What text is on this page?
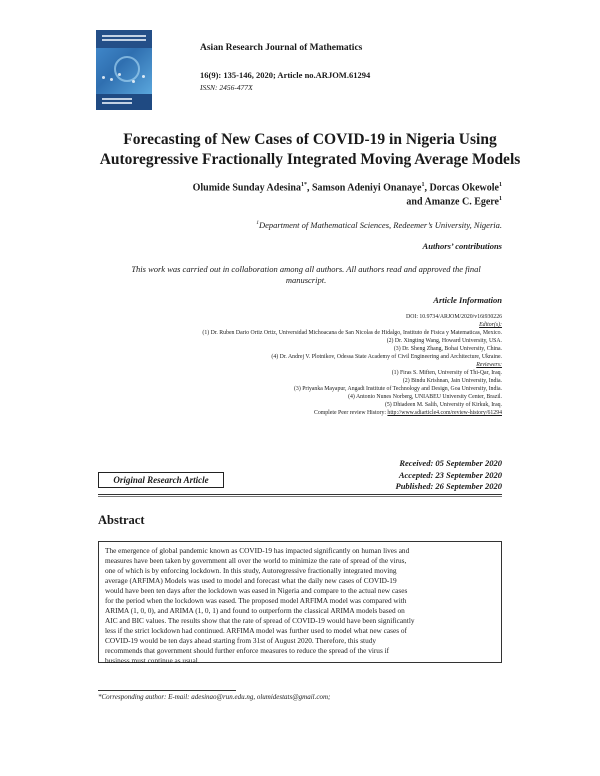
Asian Research Journal of Mathematics
16(9): 135-146, 2020; Article no.ARJOM.61294
ISSN: 2456-477X
Forecasting of New Cases of COVID-19 in Nigeria Using
Autoregressive Fractionally Integrated Moving Average Models
Olumide Sunday Adesina$^{1*}$, Samson Adeniyi Onanaye$^1$, Dorcas Okewole$^1$
and Amanze C. Egere$^1$
$^1$Department of Mathematical Sciences, Redeemer’s University, Nigeria.
Authors’ contributions
This work was carried out in collaboration among all authors. All authors read and approved the final
manuscript.
Article Information
DOI: 10.9734/ARJOM/2020/v16i930226
Editor(s):
(1) Dr. Ruben Dario Ortiz Ortiz, Universidad Michoacana de San Nicolas de Hidalgo, Instituto de Fisica y Matematicas, Mexico.
(2) Dr. Xingting Wang, Howard University, USA.
(3) Dr. Sheng Zhang, Bohai University, China.
(4) Dr. Andrej V. Plotnikov, Odessa State Academy of Civil Engineering and Architecture, Ukraine.
Reviewers:
(1) Firas S. Miften, University of Thi-Qar, Iraq.
(2) Bindu Krishnan, Jain University, India.
(3) Priyanka Mayapur, Angadi Institute of Technology and Design, Goa University, India.
(4) Antonio Nunes Norberg, UNIABEU University Center, Brazil.
(5) Dhiadeen M. Salih, University of Kirkuk, Iraq.
Complete Peer review History: http://www.sdiarticle4.com/review-history/61294
Original Research Article
Received: 05 September 2020
Accepted: 23 September 2020
Published: 26 September 2020
Abstract
The emergence of global pandemic known as COVID-19 has impacted significantly on human lives and
measures have been taken by government all over the world to minimize the rate of spread of the virus,
one of which is by enforcing lockdown. In this study, Autoregressive fractionally integrated moving
average (ARFIMA) Models was used to model and forecast what the daily new cases of COVID-19
would have been ten days after the lockdown was eased in Nigeria and compare to the actual new cases
for the period when the lockdown was eased. The proposed model ARFIMA model was compared with
ARIMA (1, 0, 0), and ARIMA (1, 0, 1) and found to outperform the classical ARIMA models based on
AIC and BIC values. The results show that the rate of spread of COVID-19 would have been significantly
less if the strict lockdown had continued. ARFIMA model was further used to model what new cases of
COVID-19 would be ten days ahead starting from 31st of August 2020. Therefore, this study
recommends that government should further enforce measures to reduce the spread of the virus if
business must continue as usual.
*Corresponding author: E-mail: adesinao@run.edu.ng, olumidestats@gmail.com;
